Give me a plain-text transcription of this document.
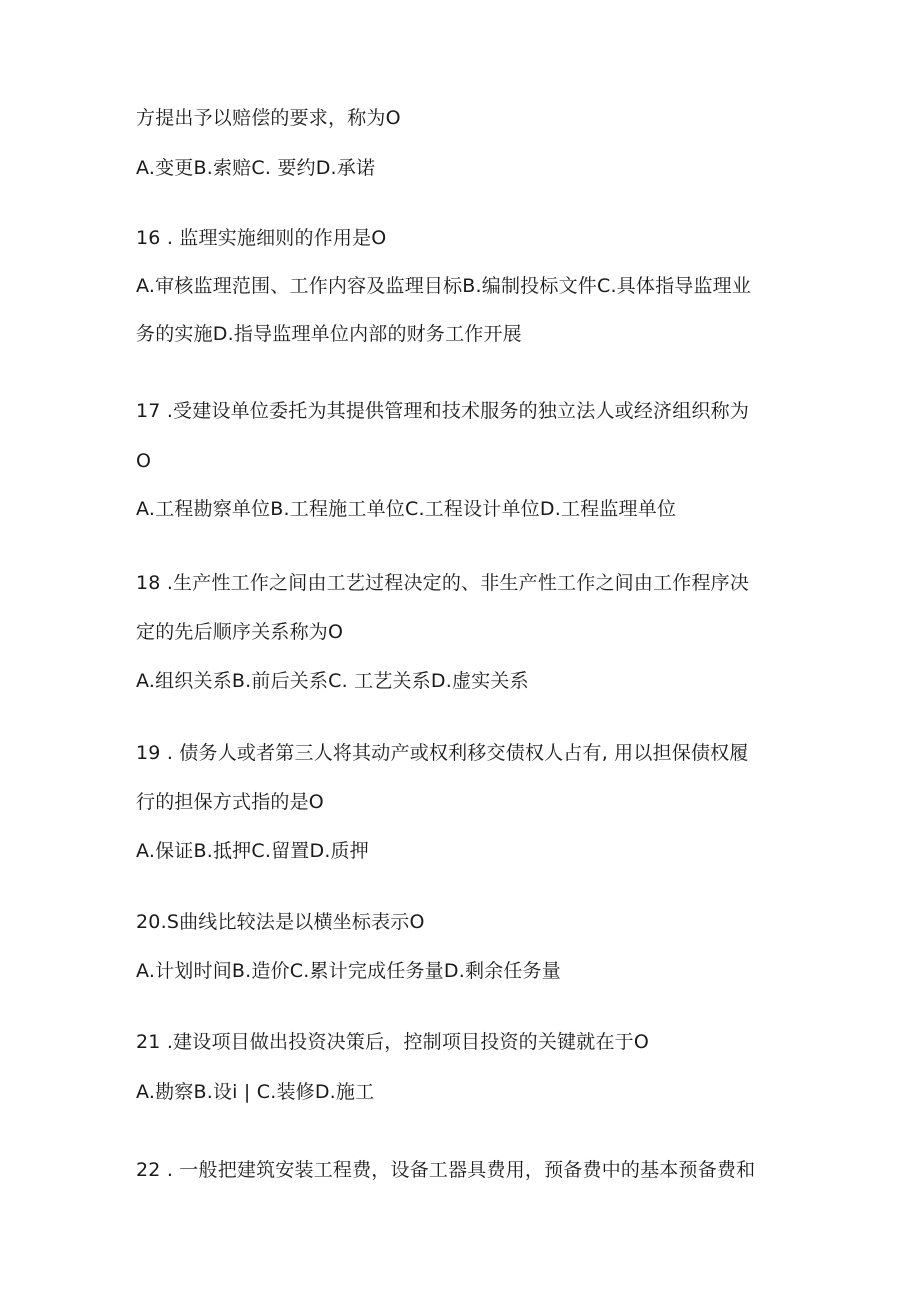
方提出予以赔偿的要求，称为O
A.变更B.索赔C. 要约D.承诺
16 . 监理实施细则的作用是O
A.审核监理范围、工作内容及监理目标B.编制投标文件C.具体指导监理业
务的实施D.指导监理单位内部的财务工作开展
17 .受建设单位委托为其提供管理和技术服务的独立法人或经济组织称为
O
A.工程勘察单位B.工程施工单位C.工程设计单位D.工程监理单位
18 .生产性工作之间由工艺过程决定的、非生产性工作之间由工作程序决
定的先后顺序关系称为O
A.组织关系B.前后关系C. 工艺关系D.虚实关系
19 . 债务人或者第三人将其动产或权利移交债权人占有, 用以担保债权履
行的担保方式指的是O
A.保证B.抵押C.留置D.质押
20.S曲线比较法是以横坐标表示O
A.计划时间B.造价C.累计完成任务量D.剩余任务量
21 .建设项目做出投资决策后，控制项目投资的关键就在于O
A.勘察B.设i | C.装修D.施工
22 . 一般把建筑安装工程费，设备工器具费用，预备费中的基本预备费和
